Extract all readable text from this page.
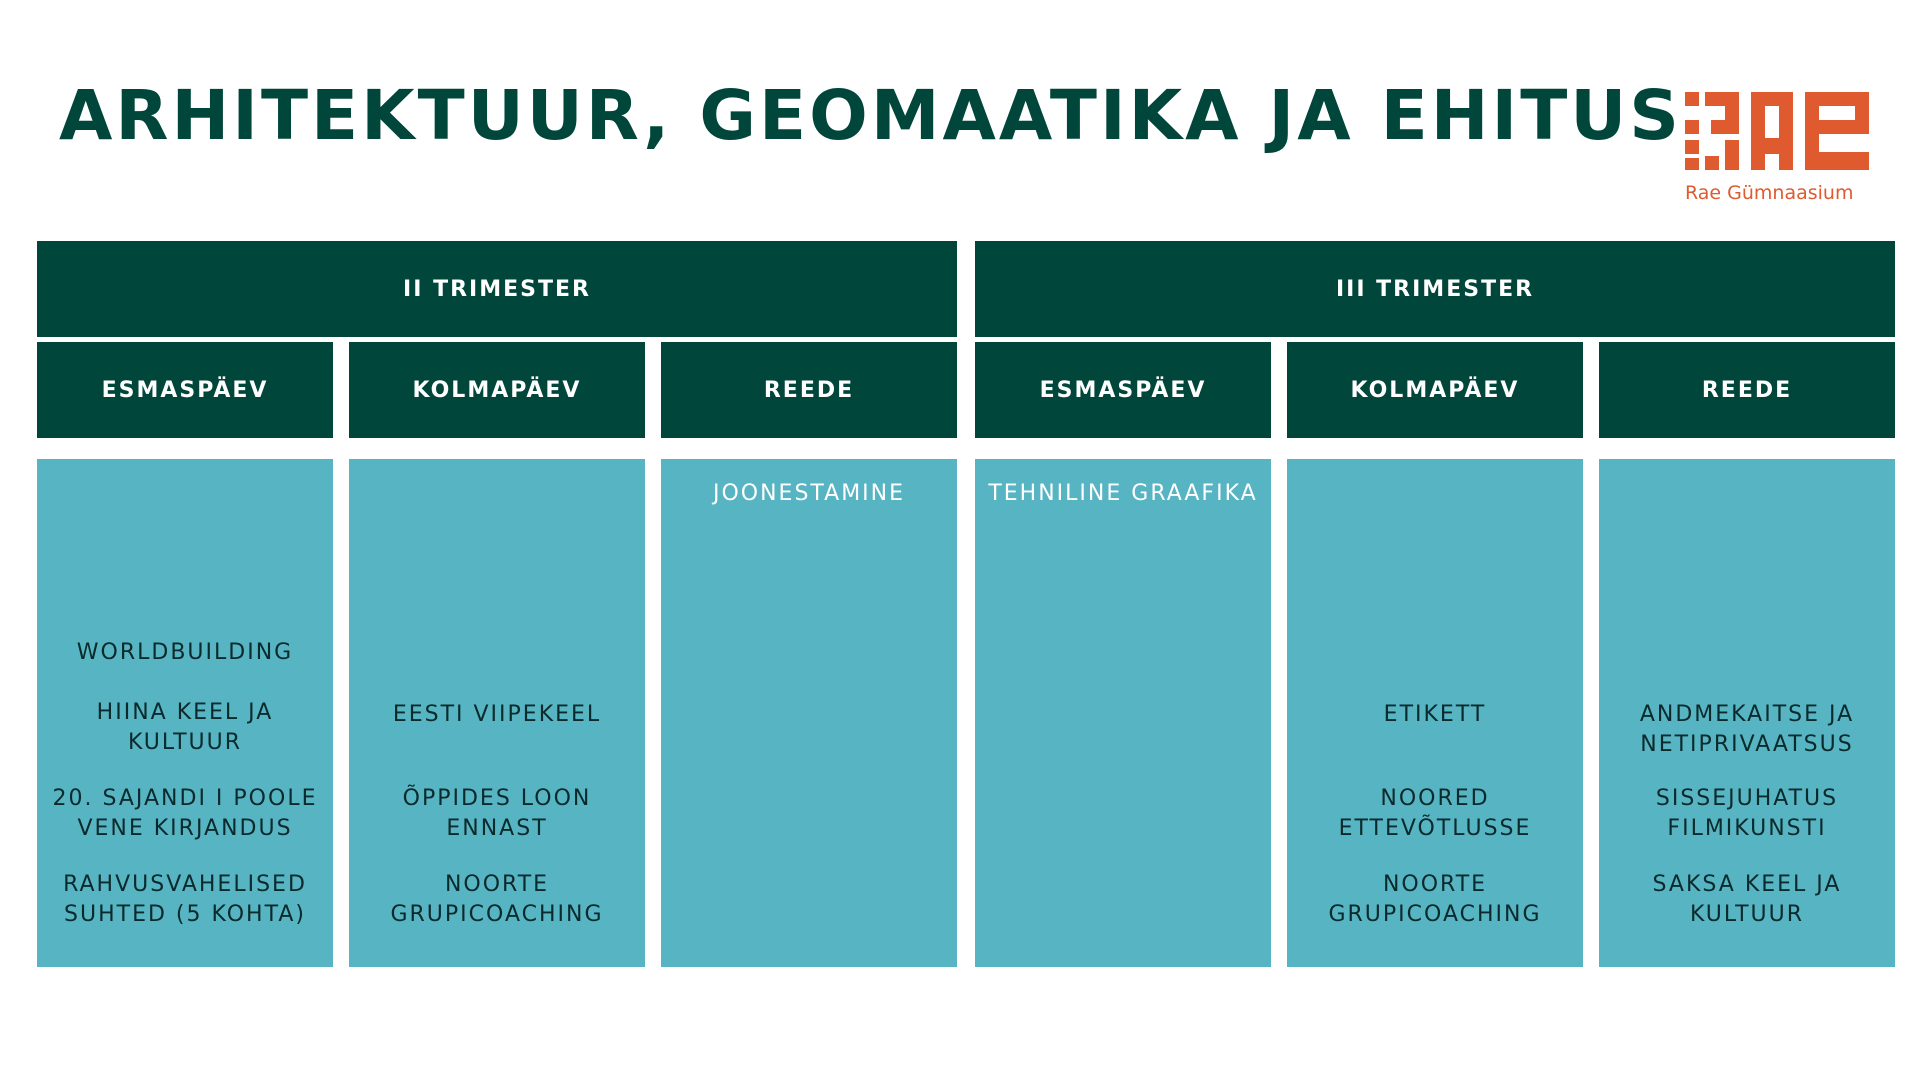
ARHITEKTUUR, GEOMAATIKA JA EHITUS
Rae Gümnaasium
II TRIMESTER
ESMASPÄEV
WORLDBUILDING
HIINA KEEL JA
KULTUUR
20. SAJANDI I POOLE
VENE KIRJANDUS
RAHVUSVAHELISED
SUHTED (5 KOHTA)
KOLMAPÄEV
EESTI VIIPEKEEL
ÕPPIDES LOON
ENNAST
NOORTE
GRUPICOACHING
REEDE
JOONESTAMINE
III TRIMESTER
ESMASPÄEV
TEHNILINE GRAAFIKA
KOLMAPÄEV
ETIKETT
NOORED
ETTEVÕTLUSSE
NOORTE
GRUPICOACHING
REEDE
ANDMEKAITSE JA
NETIPRIVAATSUS
SISSEJUHATUS
FILMIKUNSTI
SAKSA KEEL JA
KULTUUR
